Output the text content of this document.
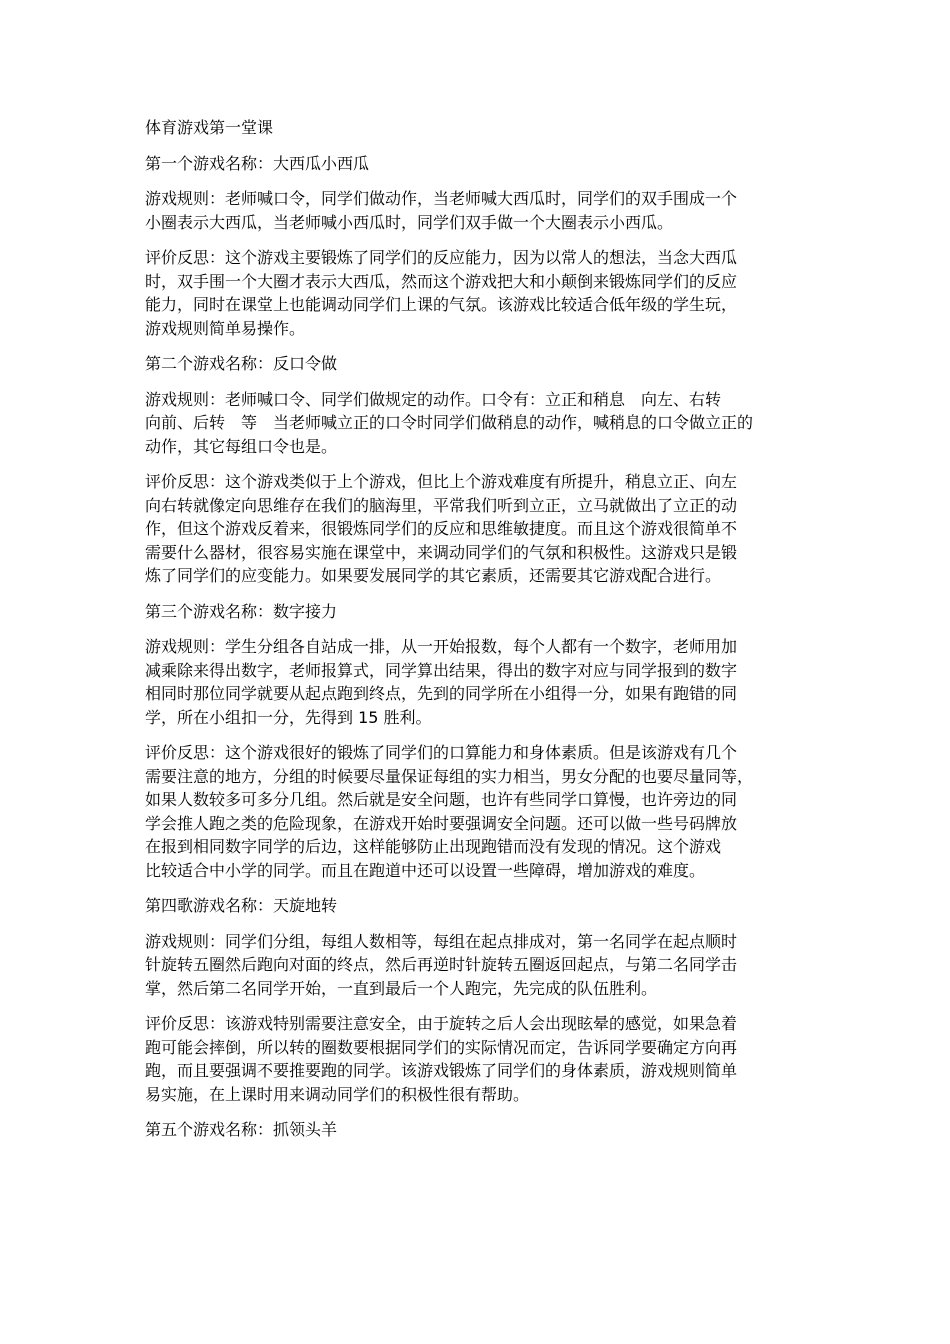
体育游戏第一堂课
第一个游戏名称：大西瓜小西瓜
游戏规则：老师喊口令，同学们做动作，当老师喊大西瓜时，同学们的双手围成一个
小圈表示大西瓜，当老师喊小西瓜时，同学们双手做一个大圈表示小西瓜。
评价反思：这个游戏主要锻炼了同学们的反应能力，因为以常人的想法，当念大西瓜
时，双手围一个大圈才表示大西瓜，然而这个游戏把大和小颠倒来锻炼同学们的反应
能力，同时在课堂上也能调动同学们上课的气氛。该游戏比较适合低年级的学生玩，
游戏规则简单易操作。
第二个游戏名称：反口令做
游戏规则：老师喊口令、同学们做规定的动作。口令有：立正和稍息　向左、右转
向前、后转　等　当老师喊立正的口令时同学们做稍息的动作，喊稍息的口令做立正的
动作，其它每组口令也是。
评价反思：这个游戏类似于上个游戏，但比上个游戏难度有所提升，稍息立正、向左
向右转就像定向思维存在我们的脑海里，平常我们听到立正，立马就做出了立正的动
作，但这个游戏反着来，很锻炼同学们的反应和思维敏捷度。而且这个游戏很简单不
需要什么器材，很容易实施在课堂中，来调动同学们的气氛和积极性。这游戏只是锻
炼了同学们的应变能力。如果要发展同学的其它素质，还需要其它游戏配合进行。
第三个游戏名称：数字接力
游戏规则：学生分组各自站成一排，从一开始报数，每个人都有一个数字，老师用加
减乘除来得出数字，老师报算式，同学算出结果，得出的数字对应与同学报到的数字
相同时那位同学就要从起点跑到终点，先到的同学所在小组得一分，如果有跑错的同
学，所在小组扣一分，先得到 15 胜利。
评价反思：这个游戏很好的锻炼了同学们的口算能力和身体素质。但是该游戏有几个
需要注意的地方，分组的时候要尽量保证每组的实力相当，男女分配的也要尽量同等，
如果人数较多可多分几组。然后就是安全问题，也许有些同学口算慢，也许旁边的同
学会推人跑之类的危险现象，在游戏开始时要强调安全问题。还可以做一些号码牌放
在报到相同数字同学的后边，这样能够防止出现跑错而没有发现的情况。这个游戏
比较适合中小学的同学。而且在跑道中还可以设置一些障碍，增加游戏的难度。
第四歌游戏名称：天旋地转
游戏规则：同学们分组，每组人数相等，每组在起点排成对，第一名同学在起点顺时
针旋转五圈然后跑向对面的终点，然后再逆时针旋转五圈返回起点，与第二名同学击
掌，然后第二名同学开始，一直到最后一个人跑完，先完成的队伍胜利。
评价反思：该游戏特别需要注意安全，由于旋转之后人会出现眩晕的感觉，如果急着
跑可能会摔倒，所以转的圈数要根据同学们的实际情况而定，告诉同学要确定方向再
跑，而且要强调不要推要跑的同学。该游戏锻炼了同学们的身体素质，游戏规则简单
易实施，在上课时用来调动同学们的积极性很有帮助。
第五个游戏名称：抓领头羊
